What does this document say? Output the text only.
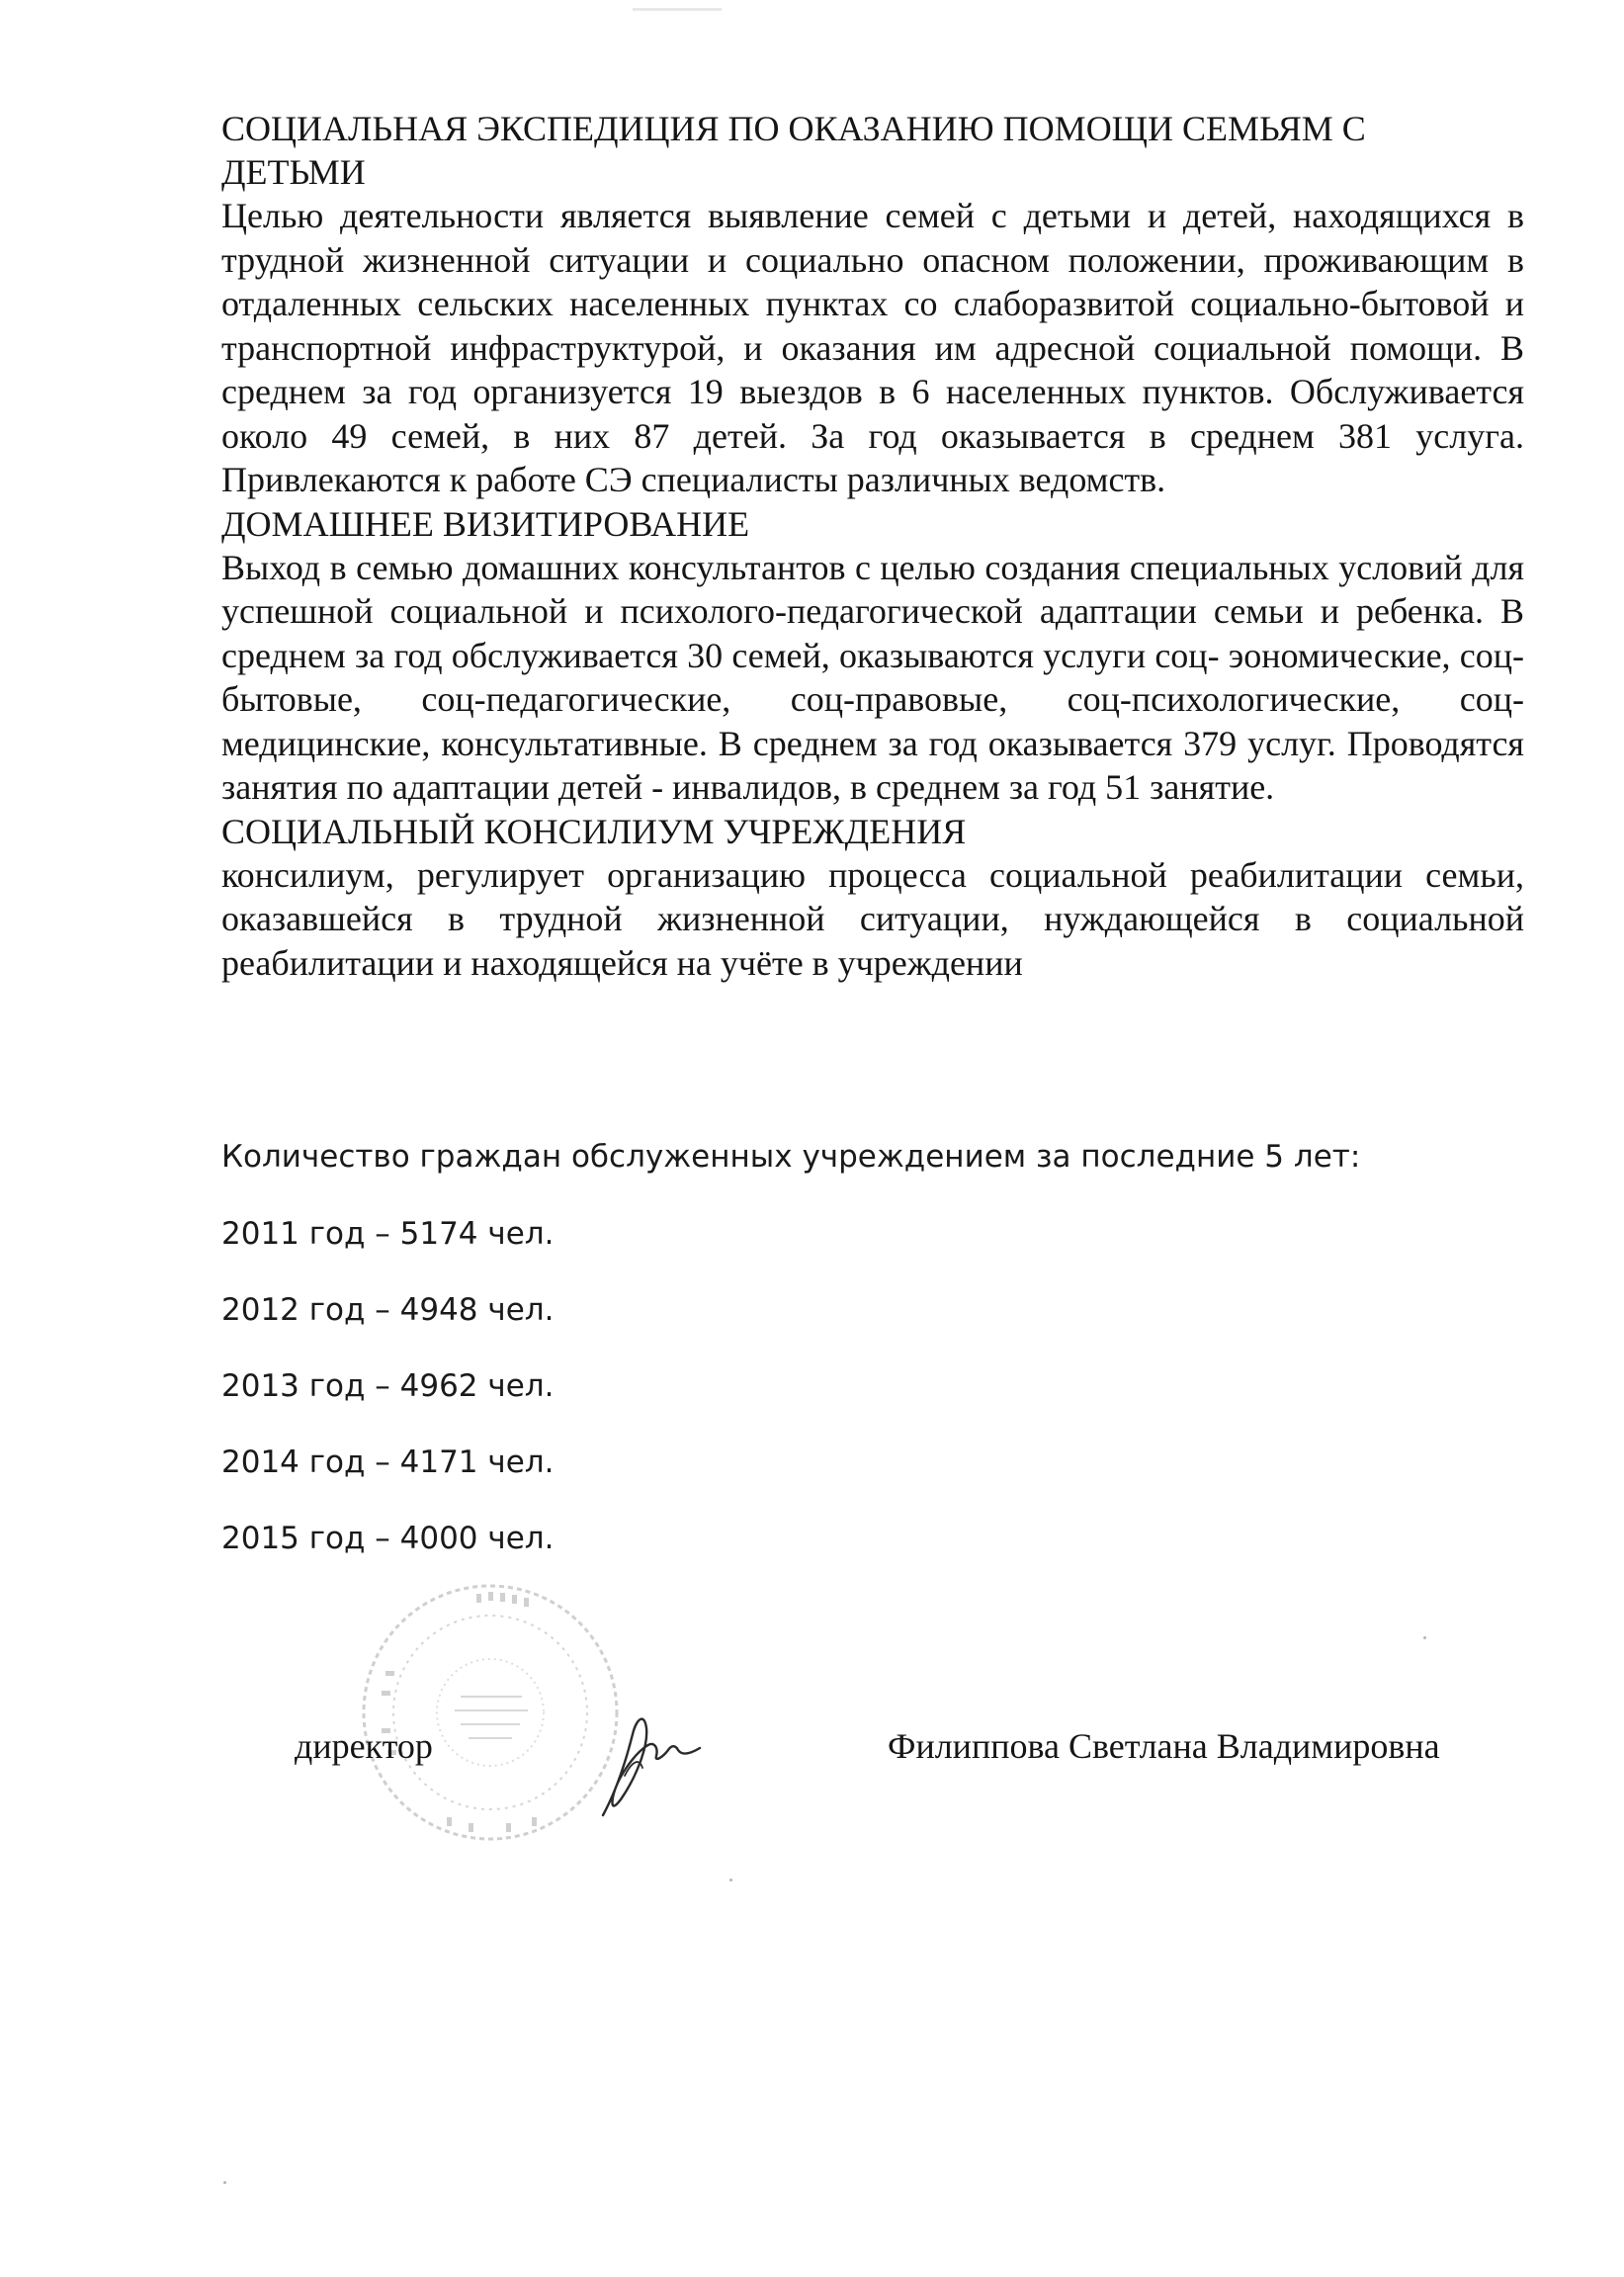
СОЦИАЛЬНАЯ ЭКСПЕДИЦИЯ ПО ОКАЗАНИЮ ПОМОЩИ СЕМЬЯМ С ДЕТЬМИ

Целью деятельности является выявление семей с детьми и детей, находящихся в трудной жизненной ситуации и социально опасном положении, проживающим в отдаленных сельских населенных пунктах со слаборазвитой социально-бытовой и транспортной инфраструктурой, и оказания им адресной социальной помощи. В среднем за год организуется 19 выездов в 6 населенных пунктов. Обслуживается около 49 семей, в них 87 детей. За год оказывается в среднем 381 услуга. Привлекаются к работе СЭ специалисты различных ведомств.

ДОМАШНЕЕ ВИЗИТИРОВАНИЕ

Выход в семью домашних консультантов с целью создания специальных условий для успешной социальной и психолого-педагогической адаптации семьи и ребенка. В среднем за год обслуживается 30 семей, оказываются услуги соц- эономические, соц-бытовые, соц-педагогические, соц-правовые, соц-психологические, соц-медицинские, консультативные. В среднем за год оказывается 379 услуг. Проводятся занятия по адаптации детей - инвалидов, в среднем за год 51 занятие.

СОЦИАЛЬНЫЙ КОНСИЛИУМ УЧРЕЖДЕНИЯ

консилиум, регулирует организацию процесса социальной реабилитации семьи, оказавшейся в трудной жизненной ситуации, нуждающейся в социальной реабилитации и находящейся на учёте в учреждении

Количество граждан обслуженных учреждением за последние 5 лет:

2011 год – 5174 чел.
2012 год – 4948 чел.
2013 год – 4962 чел.
2014 год – 4171 чел.
2015 год – 4000 чел.
директор	Филиппова Светлана Владимировна
